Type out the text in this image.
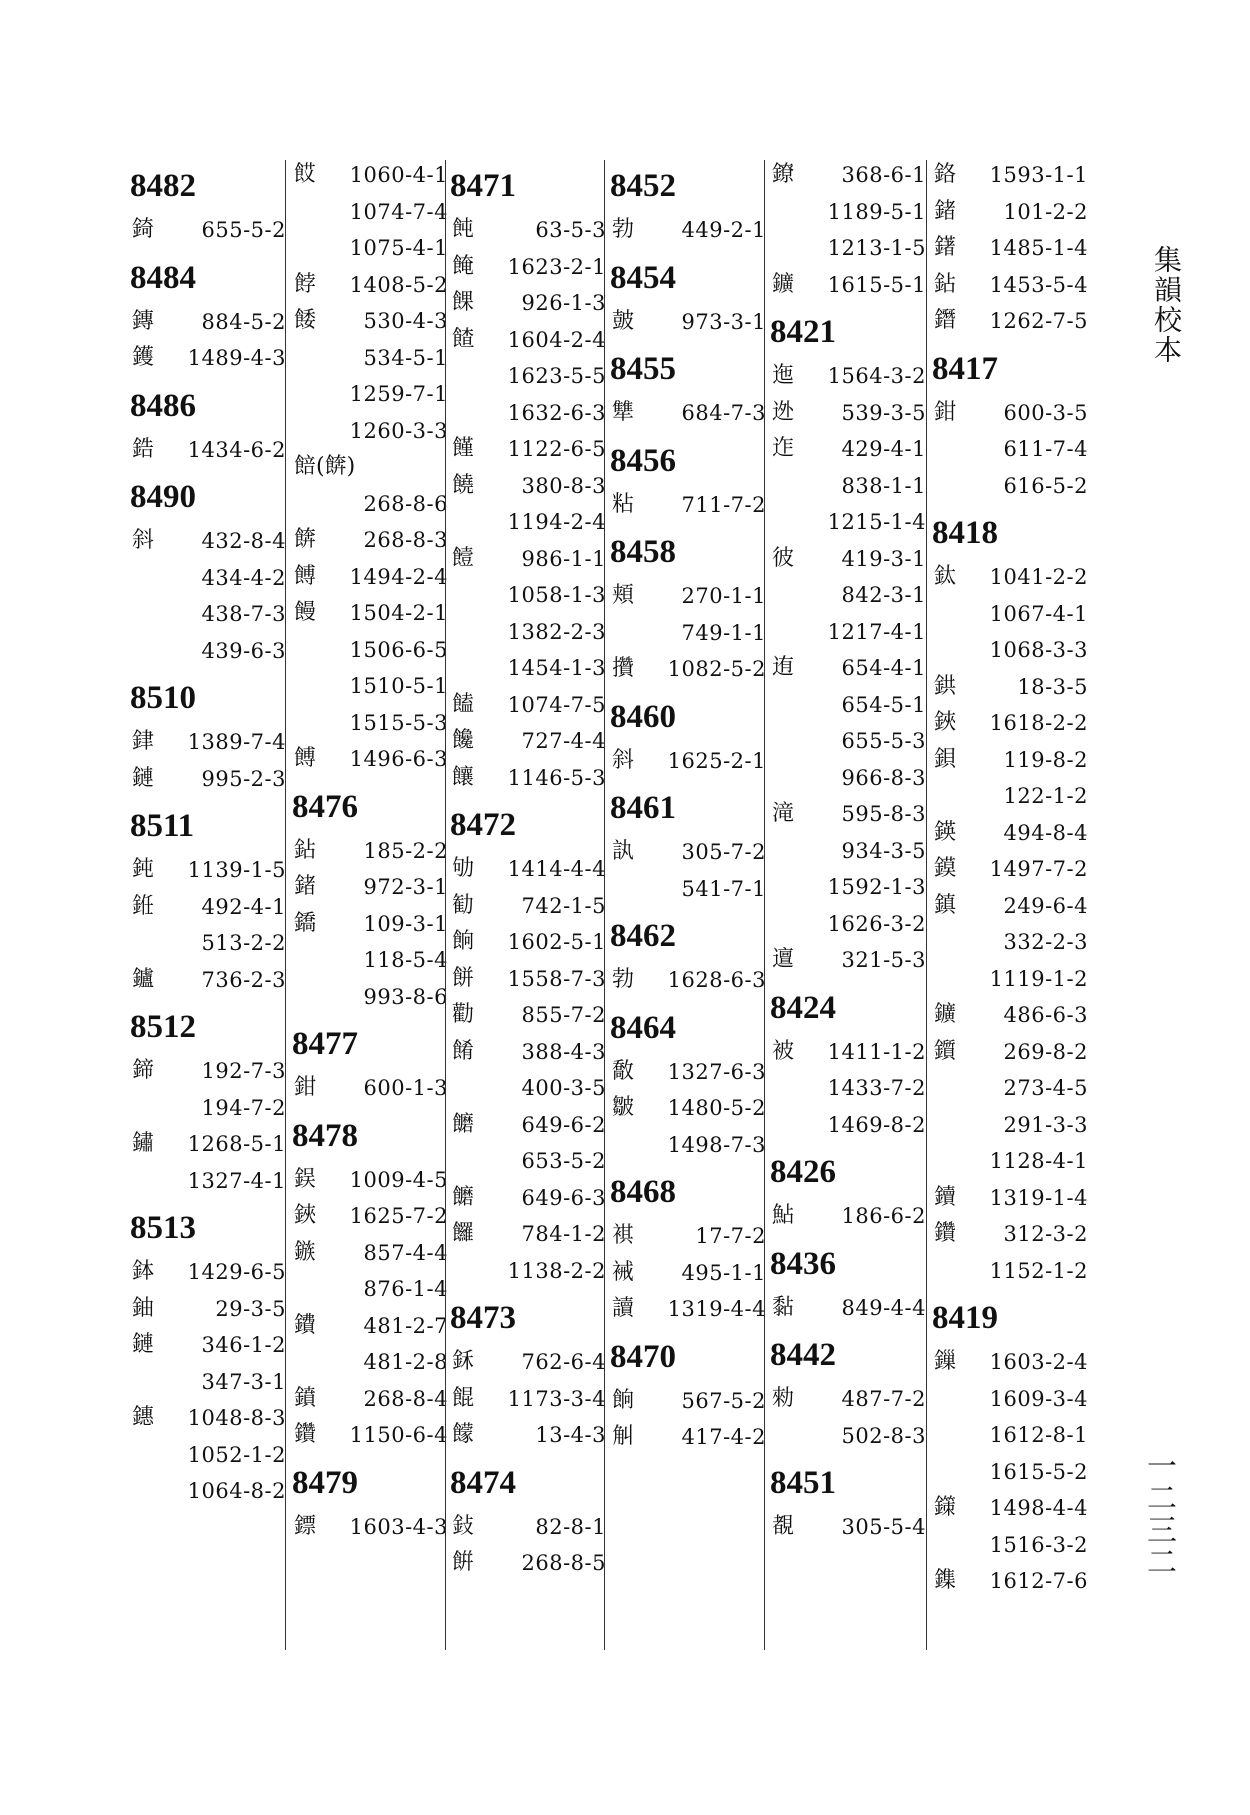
集韻校本
一二三二
8482
錡 655-5-2
8484
鏄 884-5-2
鑊 1489-4-3
8486
鋯 1434-6-2
8490
斜 432-8-4
434-4-2
438-7-3
439-6-3
8510
銉 1389-7-4
鏈 995-2-3
8511
鈍 1139-1-5
銋 492-4-1
513-2-2
鑪 736-2-3
8512
鍗 192-7-3
194-7-2
鏽 1268-5-1
1327-4-1
8513
鉢 1429-6-5
鈾	29-3-5
鏈 346-1-2
347-3-1
鏸 1048-8-3
1052-1-2
1064-8-2
餀 1060-4-1
1074-7-4
1075-4-1
餑 1408-5-2
餧 530-4-3
534-5-1
1259-7-1
1260-3-3
餢(餴)
268-8-6
餴 268-8-3
餺 1494-2-4
饅 1504-2-1
1506-6-5
1510-5-1
1515-5-3
餺 1496-6-3
8476
鉆 185-2-2
鍺 972-3-1
鐈 109-3-1
118-5-4
993-8-6
8477
鉗 600-1-3
8478
鋘 1009-4-5
鋏 1625-7-2
鏃 857-4-4
876-1-4
鐨 481-2-7
481-2-8
鐼 268-8-4
鑽 1150-6-4
8479
鏢 1603-4-3
8471
飩	63-5-3
餣 1623-2-1
餜 926-1-3
餷 1604-2-4
1623-5-5
1632-6-3
饉 1122-6-5
饒 380-8-3
1194-2-4
饐 986-1-1
1058-1-3
1382-2-3
1454-1-3
饁 1074-7-5
饞 727-4-4
饟 1146-5-3
8472
劬 1414-4-4
勧 742-1-5
餉 1602-5-1
餅 1558-7-3
勸 855-7-2
餚 388-4-3
400-3-5
饝 649-6-2
653-5-2
饝 649-6-3
饠 784-1-2
1138-2-2
8473
鉌 762-6-4
餛 1173-3-4
饛	13-4-3
8474
鈙	82-8-1
餠 268-8-5
8452
勃 449-2-1
8454
皷 973-3-1
8455
犨 684-7-3
8456
粘 711-7-2
8458
頬 270-1-1
749-1-1
攢 1082-5-2
8460
斜 1625-2-1
8461
訙 305-7-2
541-7-1
8462
勃 1628-6-3
8464
敿 1327-6-3
皺 1480-5-2
1498-7-3
8468
褀	17-7-2
裓 495-1-1
讀 1319-4-4
8470
餉 567-5-2
觓 417-4-2
鐐 368-6-1
1189-5-1
1213-1-5
鑛 1615-5-1
8421
迤 1564-3-2
迯 539-3-5
迮 429-4-1
838-1-1
1215-1-4
彼 419-3-1
842-3-1
1217-4-1
迶 654-4-1
654-5-1
655-5-3
966-8-3
滝 595-8-3
934-3-5
1592-1-3
1626-3-2
邅 321-5-3
8424
被 1411-1-2
1433-7-2
1469-8-2
8426
鮎 186-6-2
8436
黏 849-4-4
8442
勑 487-7-2
502-8-3
8451
覩 305-5-4
鉻 1593-1-1
鍺 101-2-2
鐯 1485-1-4
鉆 1453-5-4
鐕 1262-7-5
8417
鉗 600-3-5
611-7-4
616-5-2
8418
鈦 1041-2-2
1067-4-1
1068-3-3
鉷	18-3-5
鋏 1618-2-2
鋇 119-8-2
122-1-2
鍈 494-8-4
鏌 1497-7-2
鎮 249-6-4
332-2-3
1119-1-2
鑛 486-6-3
鑕 269-8-2
273-4-5
291-3-3
1128-4-1
鑟 1319-1-4
鑽 312-3-2
1152-1-2
8419
鏁 1603-2-4
1609-3-4
1612-8-1
1615-5-2
鏼 1498-4-4
1516-3-2
鏶 1612-7-6
